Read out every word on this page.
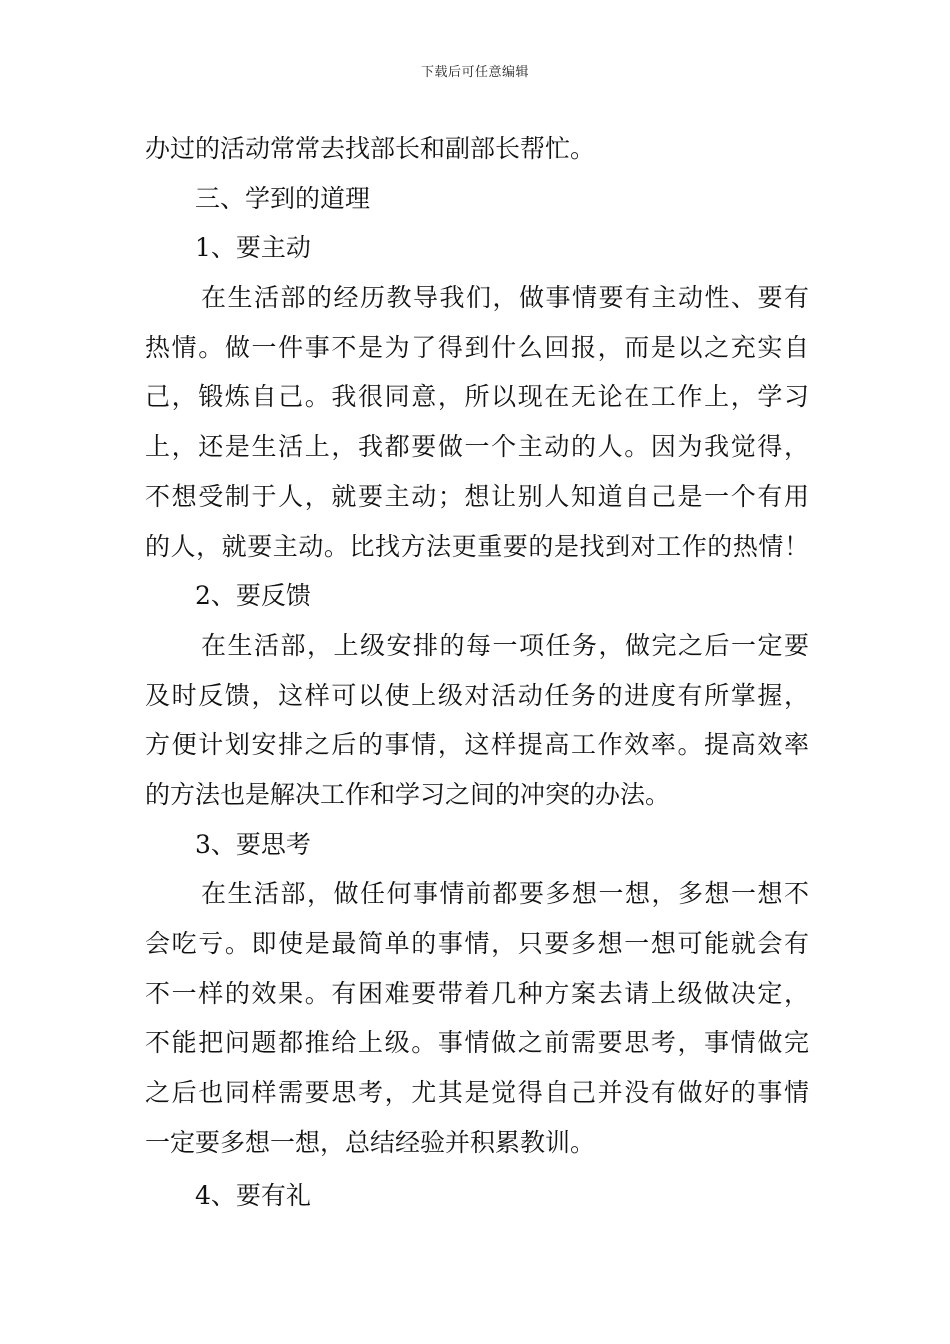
下载后可任意编辑
办过的活动常常去找部长和副部长帮忙。
三、学到的道理
1、要主动
在生活部的经历教导我们，做事情要有主动性、要有
热情。做一件事不是为了得到什么回报，而是以之充实自
己，锻炼自己。我很同意，所以现在无论在工作上，学习
上，还是生活上，我都要做一个主动的人。因为我觉得，
不想受制于人，就要主动；想让别人知道自己是一个有用
的人，就要主动。比找方法更重要的是找到对工作的热情！
2、要反馈
在生活部，上级安排的每一项任务，做完之后一定要
及时反馈，这样可以使上级对活动任务的进度有所掌握，
方便计划安排之后的事情，这样提高工作效率。提高效率
的方法也是解决工作和学习之间的冲突的办法。
3、要思考
在生活部，做任何事情前都要多想一想，多想一想不
会吃亏。即使是最简单的事情，只要多想一想可能就会有
不一样的效果。有困难要带着几种方案去请上级做决定，
不能把问题都推给上级。事情做之前需要思考，事情做完
之后也同样需要思考，尤其是觉得自己并没有做好的事情
一定要多想一想，总结经验并积累教训。
4、要有礼
